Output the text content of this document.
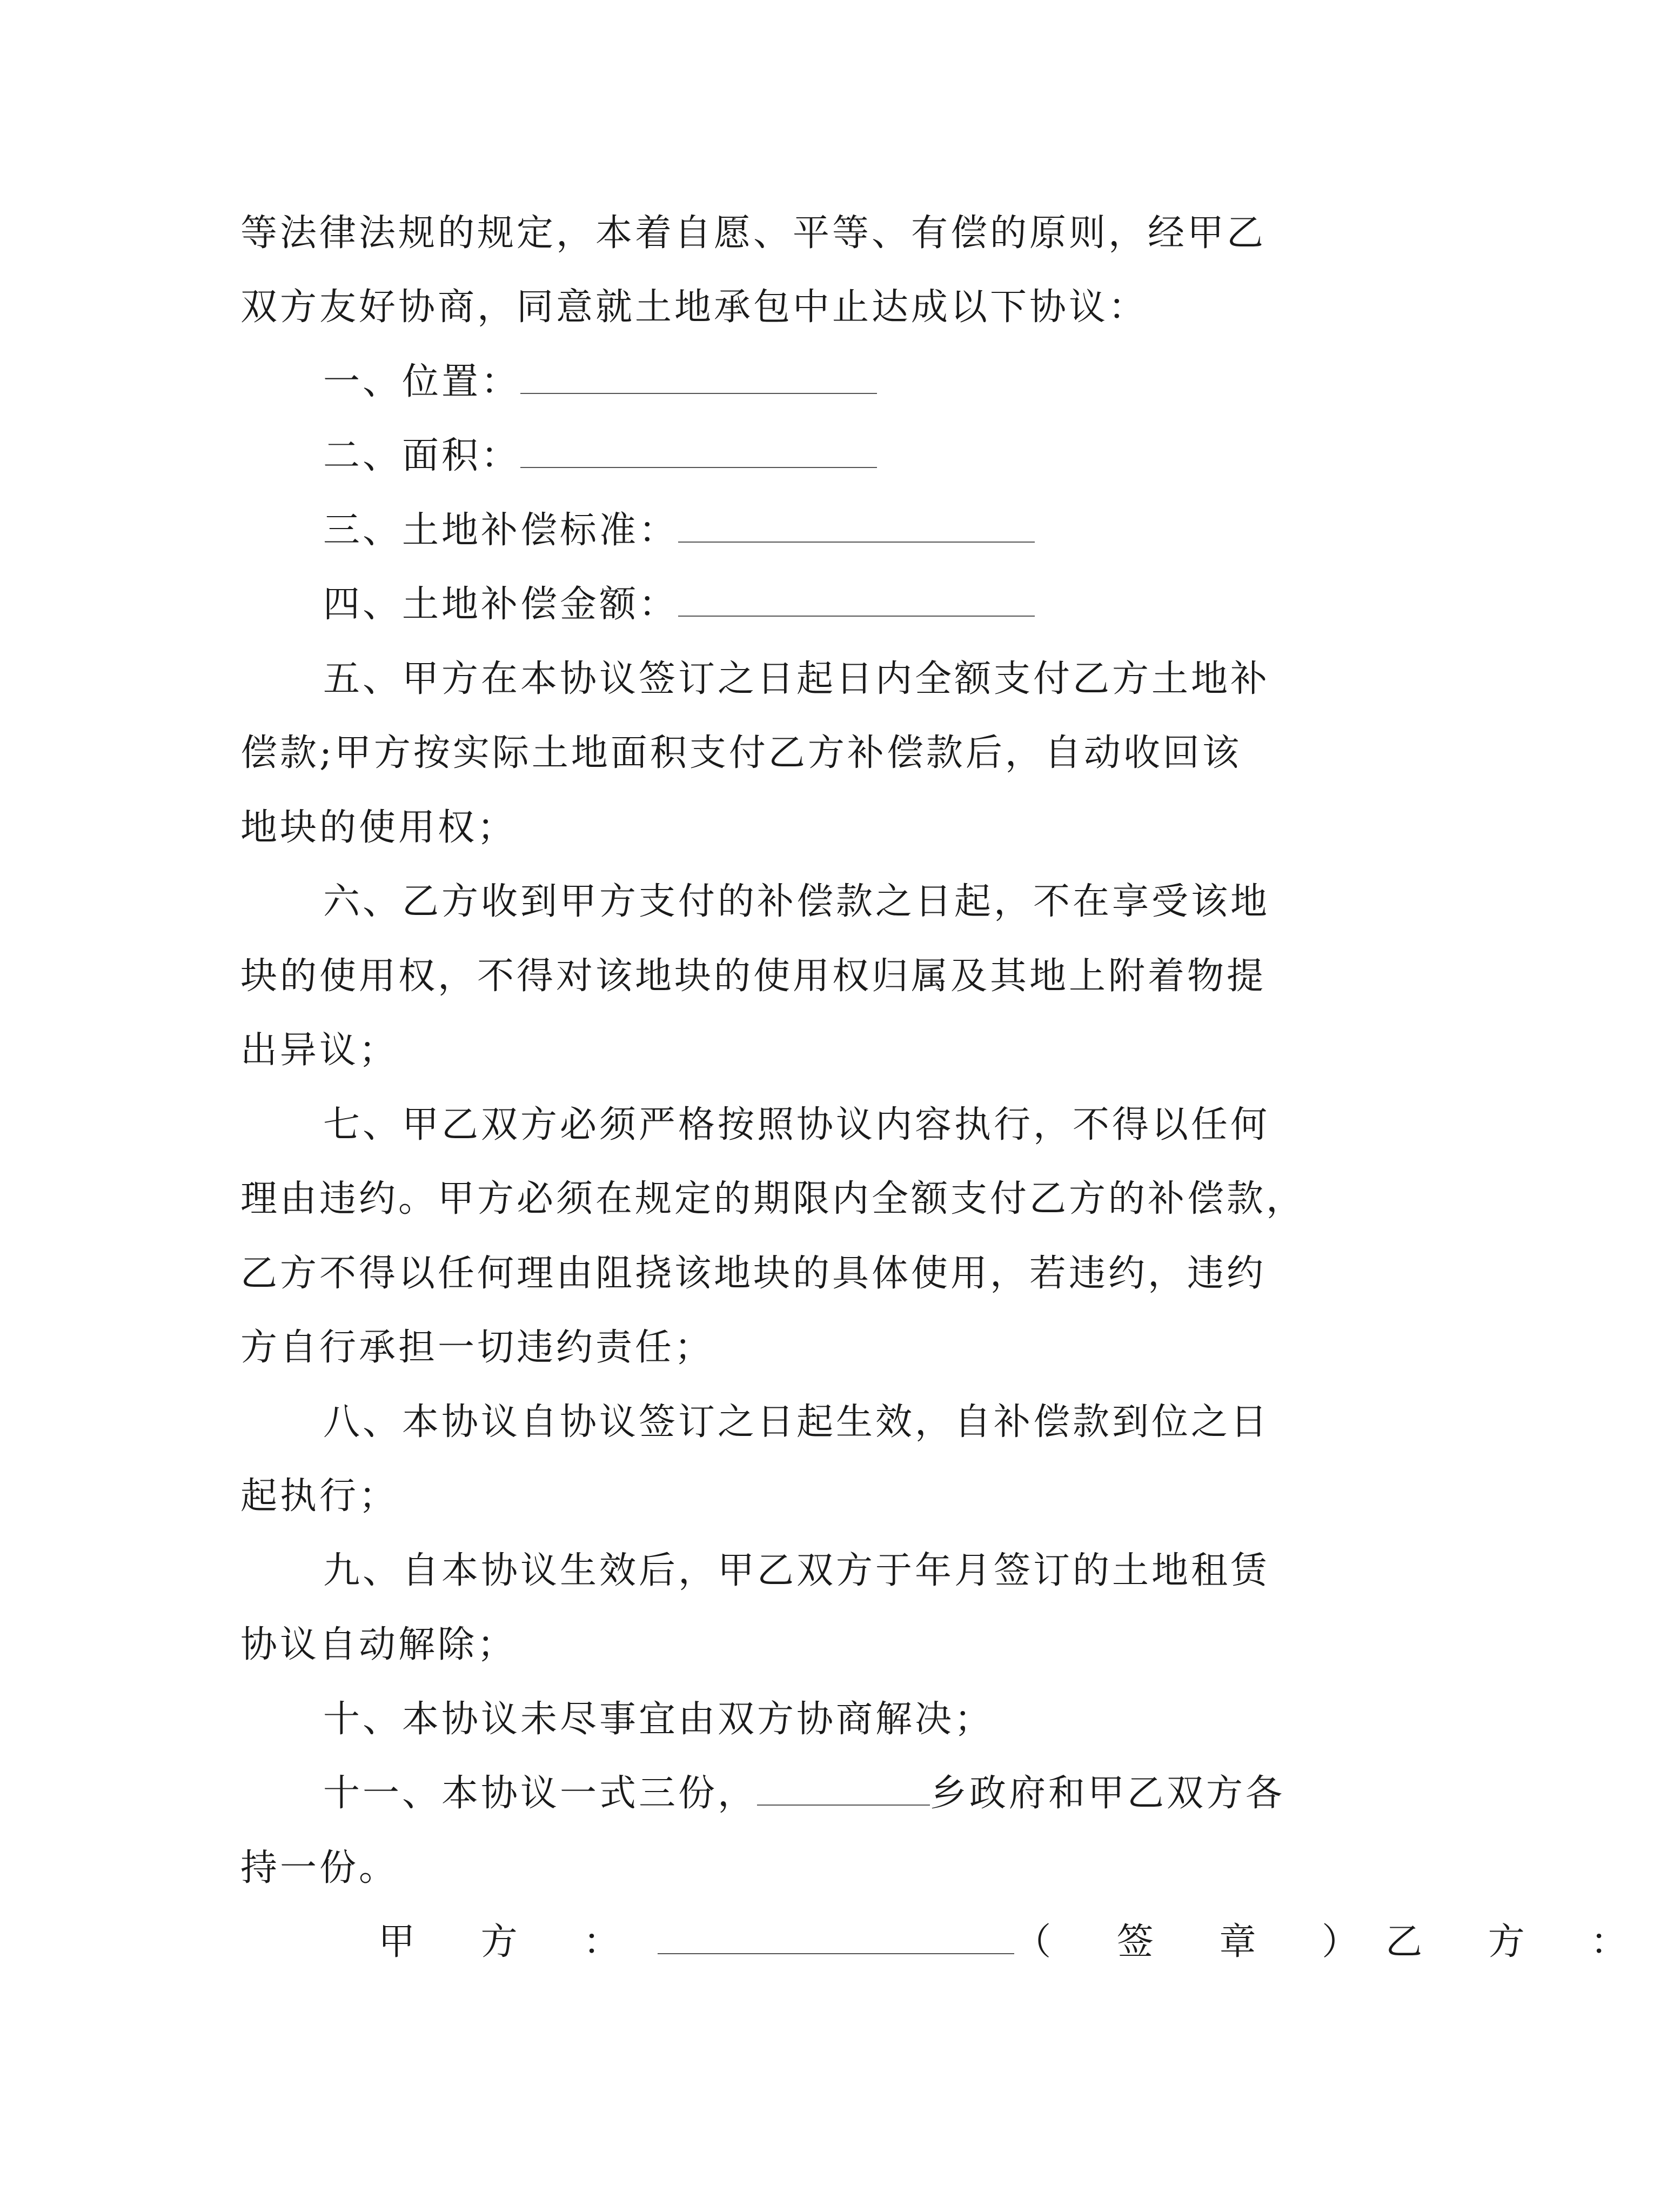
等法律法规的规定，本着自愿、平等、有偿的原则，经甲乙
双方友好协商，同意就土地承包中止达成以下协议：
一、位置：
二、面积：
三、土地补偿标准：
四、土地补偿金额：
五、甲方在本协议签订之日起日内全额支付乙方土地补
偿款;甲方按实际土地面积支付乙方补偿款后，自动收回该
地块的使用权；
六、乙方收到甲方支付的补偿款之日起，不在享受该地
块的使用权，不得对该地块的使用权归属及其地上附着物提
出异议；
七、甲乙双方必须严格按照协议内容执行，不得以任何
理由违约。甲方必须在规定的期限内全额支付乙方的补偿款，
乙方不得以任何理由阻挠该地块的具体使用，若违约，违约
方自行承担一切违约责任；
八、本协议自协议签订之日起生效，自补偿款到位之日
起执行；
九、自本协议生效后，甲乙双方于年月签订的土地租赁
协议自动解除；
十、本协议未尽事宜由双方协商解决；
十一、本协议一式三份，	乡政府和甲乙双方各
持一份。
甲 方 ：	（ 签 章 ）乙 方 ：
